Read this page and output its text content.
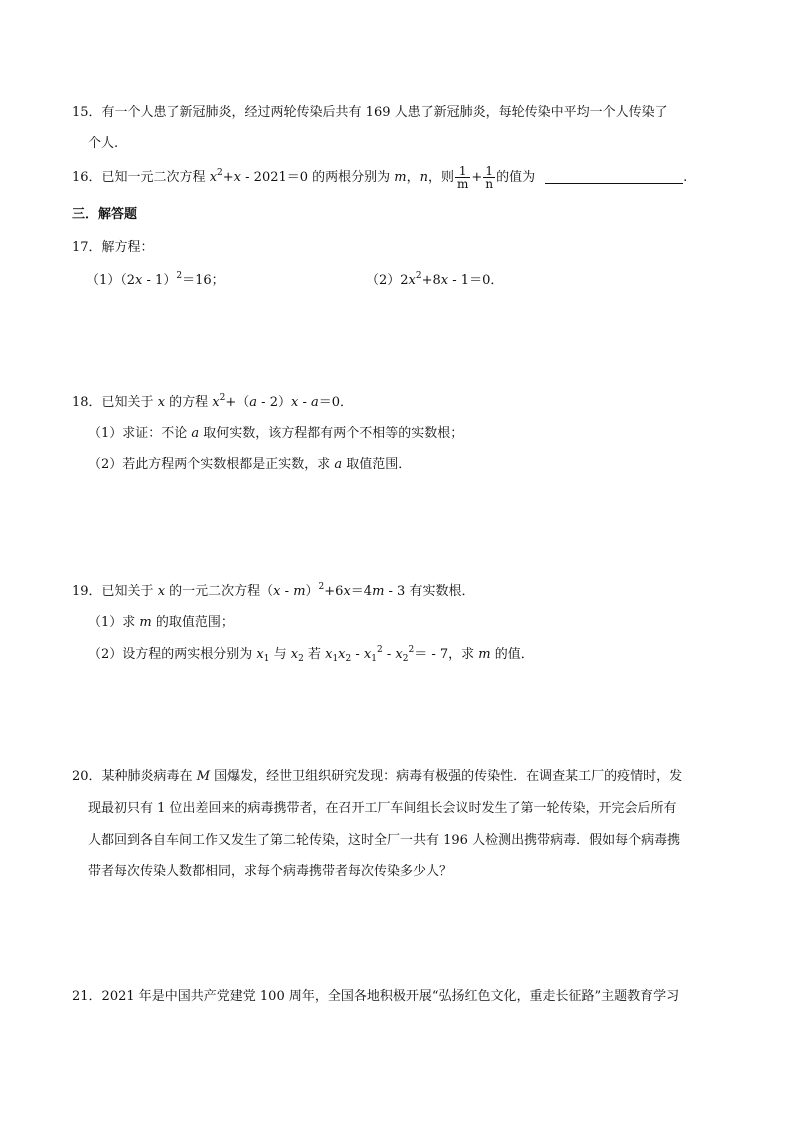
15．有一个人患了新冠肺炎，经过两轮传染后共有 169 人患了新冠肺炎，每轮传染中平均一个人传染了
个人.
16．已知一元二次方程 $x^2+x - 2021=0$ 的两根分别为 m，n，则 $\frac{1}{m} + \frac{1}{n}$ 的值为	.
三．解答题
17．解方程：
（1）（2x - 1）$^2$＝16；	$(2)2x^2+8x - 1=0$．
18．已知关于 x 的方程 $x^2+(a - 2)x - a=0$．
（1）求证：不论 a 取何实数，该方程都有两个不相等的实数根；
（2）若此方程两个实数根都是正实数，求 a 取值范围．
19．已知关于 x 的一元二次方程（x - m）$^2$+6x＝4m - 3 有实数根．
（1）求 m 的取值范围；
（2）设方程的两实根分别为 $x_1$ 与 $x_2$ 若 $x_1x_2 - x_1^2 - x_2^2= - 7$，求 m 的值．
20．某种肺炎病毒在 M 国爆发，经世卫组织研究发现：病毒有极强的传染性．在调查某工厂的疫情时，发
现最初只有 1 位出差回来的病毒携带者，在召开工厂车间组长会议时发生了第一轮传染，开完会后所有
人都回到各自车间工作又发生了第二轮传染，这时全厂一共有 196 人检测出携带病毒．假如每个病毒携
带者每次传染人数都相同，求每个病毒携带者每次传染多少人？
21．2021 年是中国共产党建党 100 周年，全国各地积极开展“弘扬红色文化，重走长征路”主题教育学习
